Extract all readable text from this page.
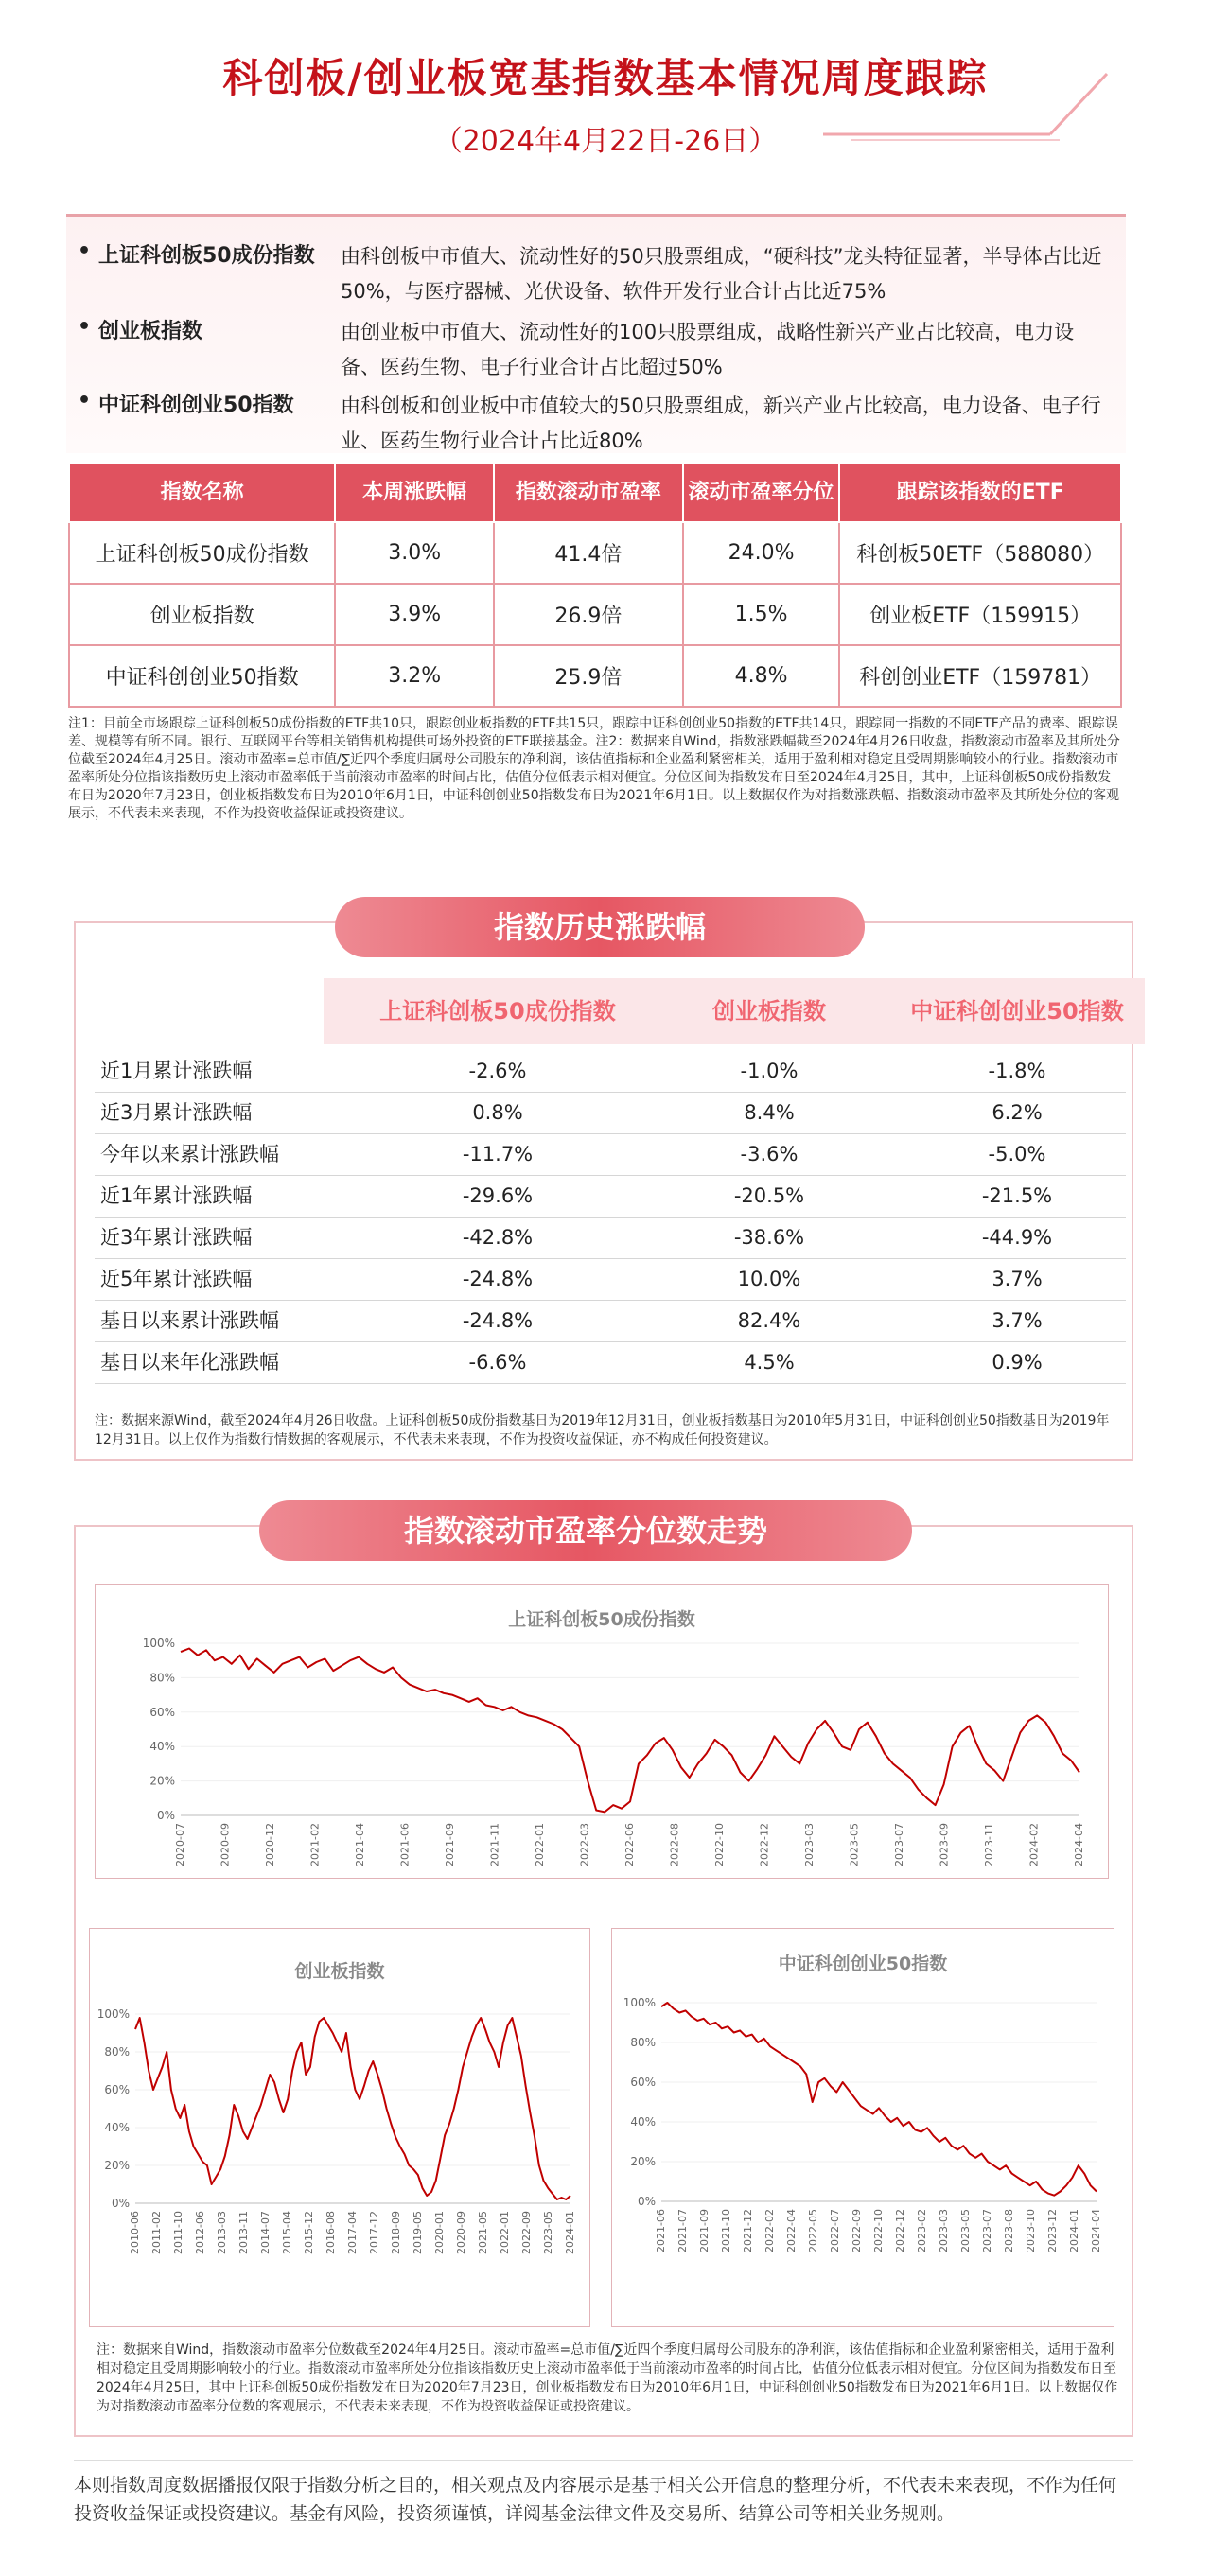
科创板/创业板宽基指数基本情况周度跟踪
（2024年4月22日-26日）
• 上证科创板50成份指数	由科创板中市值大、流动性好的50只股票组成，“硬科技”龙头特征显著，半导体占比近50%，与医疗器械、光伏设备、软件开发行业合计占比近75%
• 创业板指数	由创业板中市值大、流动性好的100只股票组成，战略性新兴产业占比较高，电力设备、医药生物、电子行业合计占比超过50%
• 中证科创创业50指数	由科创板和创业板中市值较大的50只股票组成，新兴产业占比较高，电力设备、电子行业、医药生物行业合计占比近80%
指数名称	本周涨跌幅	指数滚动市盈率	滚动市盈率分位	跟踪该指数的ETF
上证科创板50成份指数	3.0%	41.4倍	24.0%	科创板50ETF（588080）
创业板指数	3.9%	26.9倍	1.5%	创业板ETF（159915）
中证科创创业50指数	3.2%	25.9倍	4.8%	科创创业ETF（159781）
注1：目前全市场跟踪上证科创板50成份指数的ETF共10只，跟踪创业板指数的ETF共15只，跟踪中证科创创业50指数的ETF共14只，跟踪同一指数的不同ETF产品的费率、跟踪误差、规模等有所不同。银行、互联网平台等相关销售机构提供可场外投资的ETF联接基金。注2：数据来自Wind，指数涨跌幅截至2024年4月26日收盘，指数滚动市盈率及其所处分位截至2024年4月25日。滚动市盈率=总市值/∑近四个季度归属母公司股东的净利润，该估值指标和企业盈利紧密相关，适用于盈利相对稳定且受周期影响较小的行业。指数滚动市盈率所处分位指该指数历史上滚动市盈率低于当前滚动市盈率的时间占比，估值分位低表示相对便宜。分位区间为指数发布日至2024年4月25日，其中，上证科创板50成份指数发布日为2020年7月23日，创业板指数发布日为2010年6月1日，中证科创创业50指数发布日为2021年6月1日。以上数据仅作为对指数涨跌幅、指数滚动市盈率及其所处分位的客观展示，不代表未来表现，不作为投资收益保证或投资建议。
上证科创板50成份指数	创业板指数	中证科创创业50指数
近1月累计涨跌幅	-2.6%	-1.0%	-1.8%
近3月累计涨跌幅	0.8%	8.4%	6.2%
今年以来累计涨跌幅	-11.7%	-3.6%	-5.0%
近1年累计涨跌幅	-29.6%	-20.5%	-21.5%
近3年累计涨跌幅	-42.8%	-38.6%	-44.9%
近5年累计涨跌幅	-24.8%	10.0%	3.7%
基日以来累计涨跌幅	-24.8%	82.4%	3.7%
基日以来年化涨跌幅	-6.6%	4.5%	0.9%
注：数据来源Wind，截至2024年4月26日收盘。上证科创板50成份指数基日为2019年12月31日，创业板指数基日为2010年5月31日，中证科创创业50指数基日为2019年12月31日。以上仅作为指数行情数据的客观展示，不代表未来表现，不作为投资收益保证，亦不构成任何投资建议。
指数历史涨跌幅
上证科创板50成份指数
0%
20%
40%
60%
80%
100%
2020-07	2020-09	2020-12	2021-02	2021-04	2021-06	2021-09	2021-11	2022-01	2022-03	2022-06	2022-08	2022-10	2022-12	2023-03	2023-05	2023-07	2023-09	2023-11	2024-02	2024-04
创业板指数
0%
20%
40%
60%
80%
100%
2010-06 2011-02 2011-10 2012-06 2013-03 2013-11 2014-07 2015-04 2015-12 2016-08 2017-04 2017-12 2018-09 2019-05 2020-01 2020-09 2021-05 2022-01 2022-09 2023-05 2024-01
中证科创创业50指数
0%
20%
40%
60%
80%
100%
2021-06 2021-07 2021-09 2021-10 2021-12 2022-02 2022-04 2022-05 2022-07 2022-09 2022-10 2022-12 2023-02 2023-03 2023-05 2023-07 2023-08 2023-10 2023-12 2024-01 2024-04
注：数据来自Wind，指数滚动市盈率分位数截至2024年4月25日。滚动市盈率=总市值/∑近四个季度归属母公司股东的净利润，该估值指标和企业盈利紧密相关，适用于盈利相对稳定且受周期影响较小的行业。指数滚动市盈率所处分位指该指数历史上滚动市盈率低于当前滚动市盈率的时间占比，估值分位低表示相对便宜。分位区间为指数发布日至2024年4月25日，其中上证科创板50成份指数发布日为2020年7月23日，创业板指数发布日为2010年6月1日，中证科创创业50指数发布日为2021年6月1日。以上数据仅作为对指数滚动市盈率分位数的客观展示，不代表未来表现，不作为投资收益保证或投资建议。
指数滚动市盈率分位数走势
本则指数周度数据播报仅限于指数分析之目的，相关观点及内容展示是基于相关公开信息的整理分析，不代表未来表现，不作为任何投资收益保证或投资建议。基金有风险，投资须谨慎，详阅基金法律文件及交易所、结算公司等相关业务规则。
